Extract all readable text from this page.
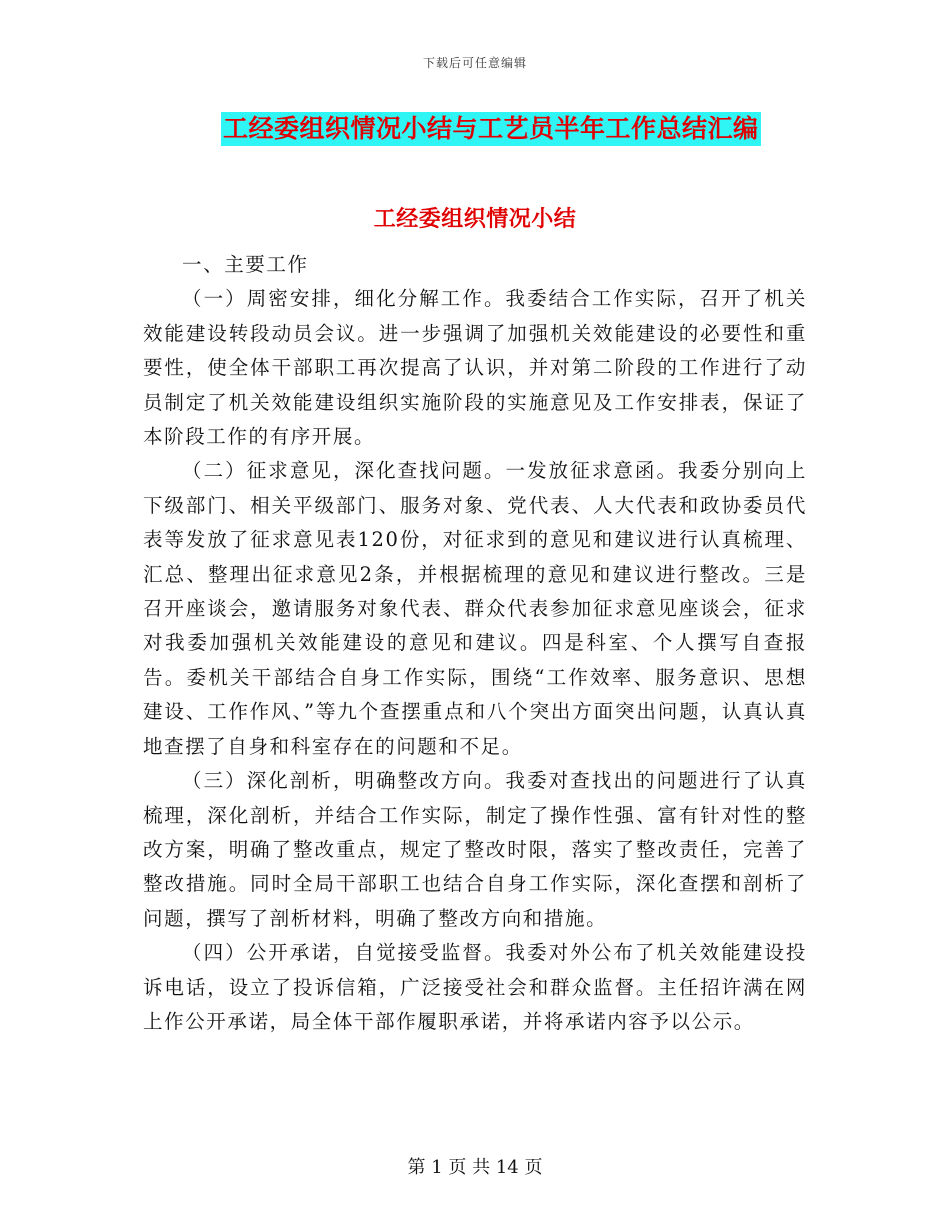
下载后可任意编辑
工经委组织情况小结与工艺员半年工作总结汇编
工经委组织情况小结

一、主要工作

（一）周密安排，细化分解工作。我委结合工作实际，召开了机关效能建设转段动员会议。进一步强调了加强机关效能建设的必要性和重要性，使全体干部职工再次提高了认识，并对第二阶段的工作进行了动员制定了机关效能建设组织实施阶段的实施意见及工作安排表，保证了本阶段工作的有序开展。

（二）征求意见，深化查找问题。一发放征求意函。我委分别向上下级部门、相关平级部门、服务对象、党代表、人大代表和政协委员代表等发放了征求意见表120份，对征求到的意见和建议进行认真梳理、汇总、整理出征求意见2条，并根据梳理的意见和建议进行整改。三是召开座谈会，邀请服务对象代表、群众代表参加征求意见座谈会，征求对我委加强机关效能建设的意见和建议。四是科室、个人撰写自查报告。委机关干部结合自身工作实际，围绕“工作效率、服务意识、思想建设、工作作风、”等九个查摆重点和八个突出方面突出问题，认真认真地查摆了自身和科室存在的问题和不足。

（三）深化剖析，明确整改方向。我委对查找出的问题进行了认真梳理，深化剖析，并结合工作实际，制定了操作性强、富有针对性的整改方案，明确了整改重点，规定了整改时限，落实了整改责任，完善了整改措施。同时全局干部职工也结合自身工作实际，深化查摆和剖析了问题，撰写了剖析材料，明确了整改方向和措施。

（四）公开承诺，自觉接受监督。我委对外公布了机关效能建设投诉电话，设立了投诉信箱，广泛接受社会和群众监督。主任招许满在网上作公开承诺，局全体干部作履职承诺，并将承诺内容予以公示。

第 1 页 共 14 页
